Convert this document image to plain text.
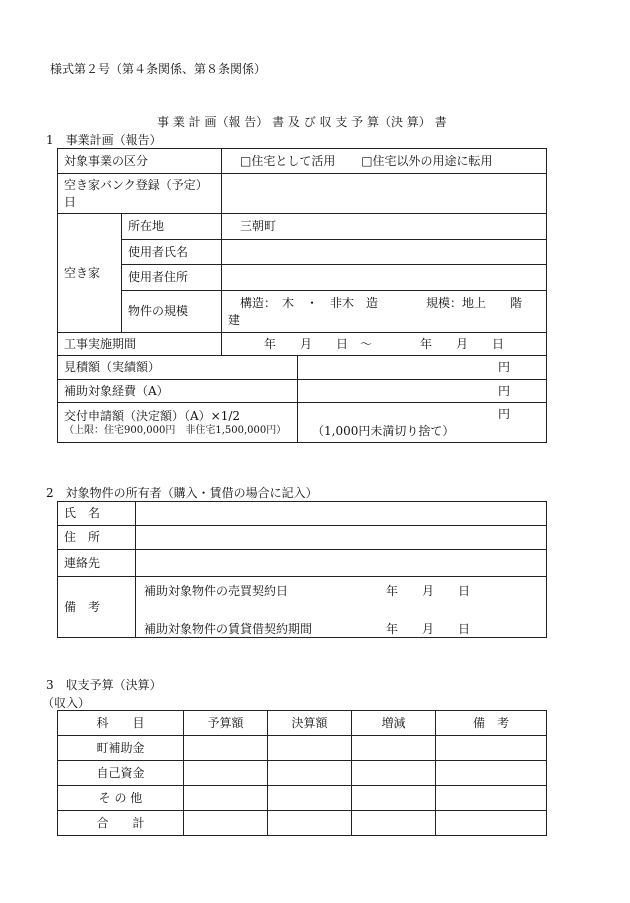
様式第２号（第４条関係、第８条関係）
事 業 計 画（報 告） 書 及 び 収 支 予 算（決 算） 書
1　事業計画（報告）
対象事業の区分		□住宅として活用 □住宅以外の用途に転用	

空き家バンク登録（予定）
日			

空き家	所在地	三朝町	
	使用者氏名		
	使用者住所		
	物件の規模	構造：　木　・　非木　造　　　　規模：地上　　階
建	

工事実施期間		年　　月　　日　～　　　　年　　月　　日	
見積額（実績額）			円
補助対象経費（A）			円

交付申請額（決定額）（A）×1/2
（上限：住宅900,000円　非住宅1,500,000円）			円
（1,000円未満切り捨て）
2　対象物件の所有者（購入・賃借の場合に記入）
氏　名	
住　所	
連絡先	
備　考	補助対象物件の売買契約日 年　　月　　日
補助対象物件の賃貸借契約期間 年　　月　　日
3　収支予算（決算）
（収入）
科　　目	予算額	決算額	増減	備　考
町補助金				
自己資金				
そ の 他				
合　　計				
